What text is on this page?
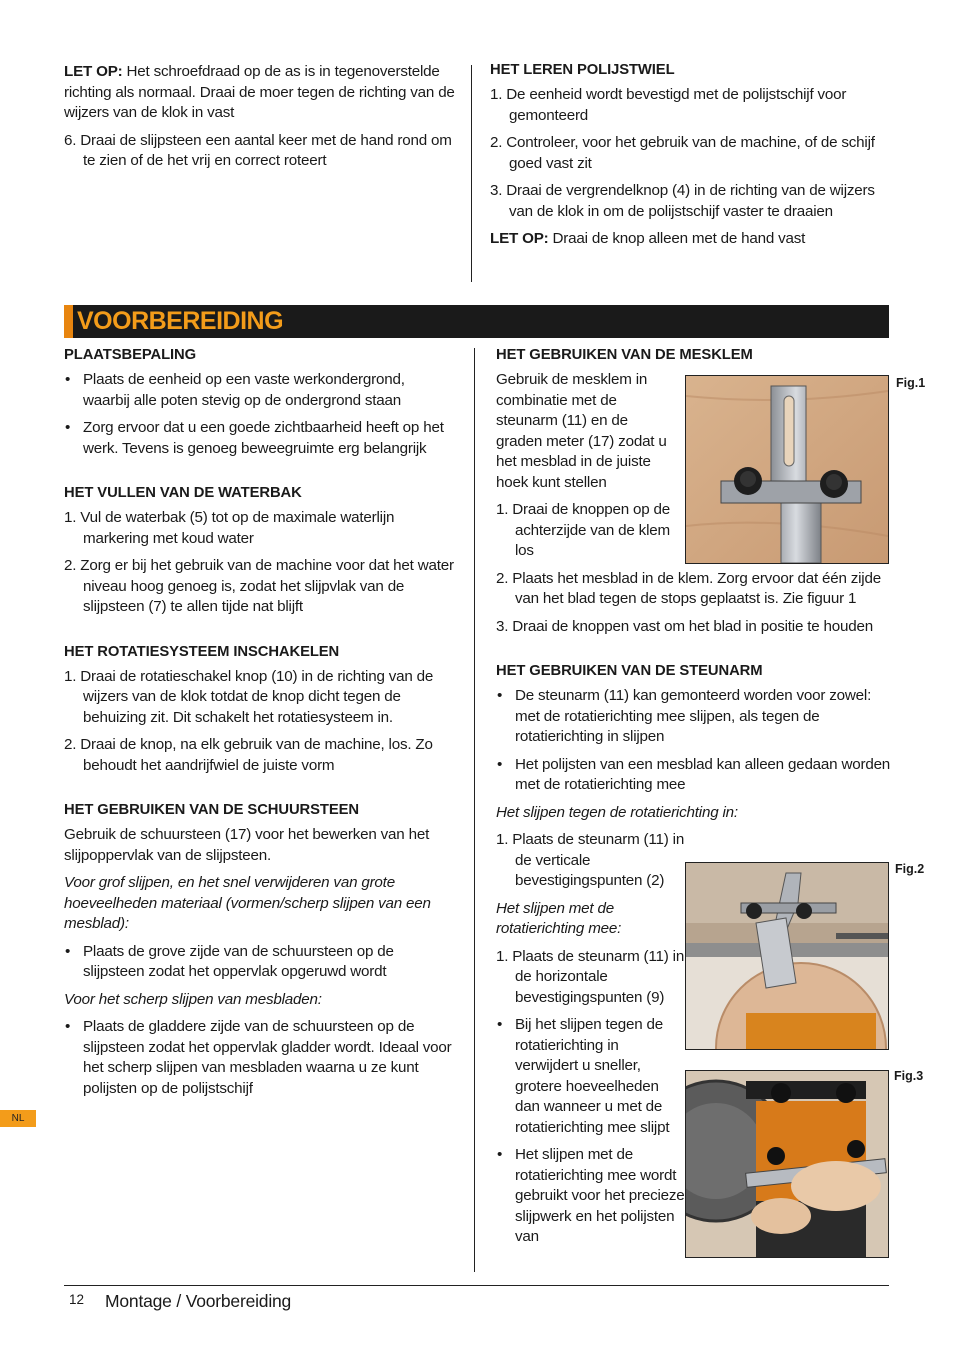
LET OP: Het schroefdraad op de as is in tegenoverstelde richting als normaal. Draai de moer tegen de richting van de wijzers van de klok in vast

6. Draai de slijpsteen een aantal keer met de hand rond om te zien of de het vrij en correct roteert

HET LEREN POLIJSTWIEL

1. De eenheid wordt bevestigd met de polijstschijf voor gemonteerd

2. Controleer, voor het gebruik van de machine, of de schijf goed vast zit

3. Draai de vergrendelknop (4) in de richting van de wijzers van de klok in om de polijstschijf vaster te draaien

LET OP: Draai de knop alleen met de hand vast

VOORBEREIDING

PLAATSBEPALING

• Plaats de eenheid op een vaste werkondergrond, waarbij alle poten stevig op de ondergrond staan

• Zorg ervoor dat u een goede zichtbaarheid heeft op het werk. Tevens is genoeg beweegruimte erg belangrijk

HET VULLEN VAN DE WATERBAK

1. Vul de waterbak (5) tot op de maximale waterlijn markering met koud water

2. Zorg er bij het gebruik van de machine voor dat het water niveau hoog genoeg is, zodat het slijpvlak van de slijpsteen (7) te allen tijde nat blijft

HET ROTATIESYSTEEM INSCHAKELEN

1. Draai de rotatieschakel knop (10) in de richting van de wijzers van de klok totdat de knop dicht tegen de behuizing zit. Dit schakelt het rotatiesysteem in.

2. Draai de knop, na elk gebruik van de machine, los. Zo behoudt het aandrijfwiel de juiste vorm

HET GEBRUIKEN VAN DE SCHUURSTEEN

Gebruik de schuursteen (17) voor het bewerken van het slijpoppervlak van de slijpsteen.

Voor grof slijpen, en het snel verwijderen van grote hoeveelheden materiaal (vormen/scherp slijpen van een mesblad):

• Plaats de grove zijde van de schuursteen op de slijpsteen zodat het oppervlak opgeruwd wordt

Voor het scherp slijpen van mesbladen:

• Plaats de gladdere zijde van de schuursteen op de slijpsteen zodat het oppervlak gladder wordt. Ideaal voor het scherp slijpen van mesbladen waarna u ze kunt polijsten op de polijstschijf

HET GEBRUIKEN VAN DE MESKLEM

Gebruik de mesklem in combinatie met de steunarm (11) en de graden meter (17) zodat u het mesblad in de juiste hoek kunt stellen

1. Draai de knoppen op de achterzijde van de klem los

2. Plaats het mesblad in de klem. Zorg ervoor dat één zijde van het blad tegen de stops geplaatst is. Zie figuur 1

3. Draai de knoppen vast om het blad in positie te houden

HET GEBRUIKEN VAN DE STEUNARM

• De steunarm (11) kan gemonteerd worden voor zowel: met de rotatierichting mee slijpen, als tegen de rotatierichting in slijpen

• Het polijsten van een mesblad kan alleen gedaan worden met de rotatierichting mee

Het slijpen tegen de rotatierichting in:

1. Plaats de steunarm (11) in de verticale bevestigingspunten (2)

Het slijpen met de rotatierichting mee:

1. Plaats de steunarm (11) in de horizontale bevestigingspunten (9)

• Bij het slijpen tegen de rotatierichting in verwijdert u sneller, grotere hoeveelheden dan wanneer u met de rotatierichting mee slijpt

• Het slijpen met de rotatierichting mee wordt gebruikt voor het precieze slijpwerk en het polijsten van

Fig.1
Fig.2
Fig.3
NL
12 Montage / Voorbereiding
